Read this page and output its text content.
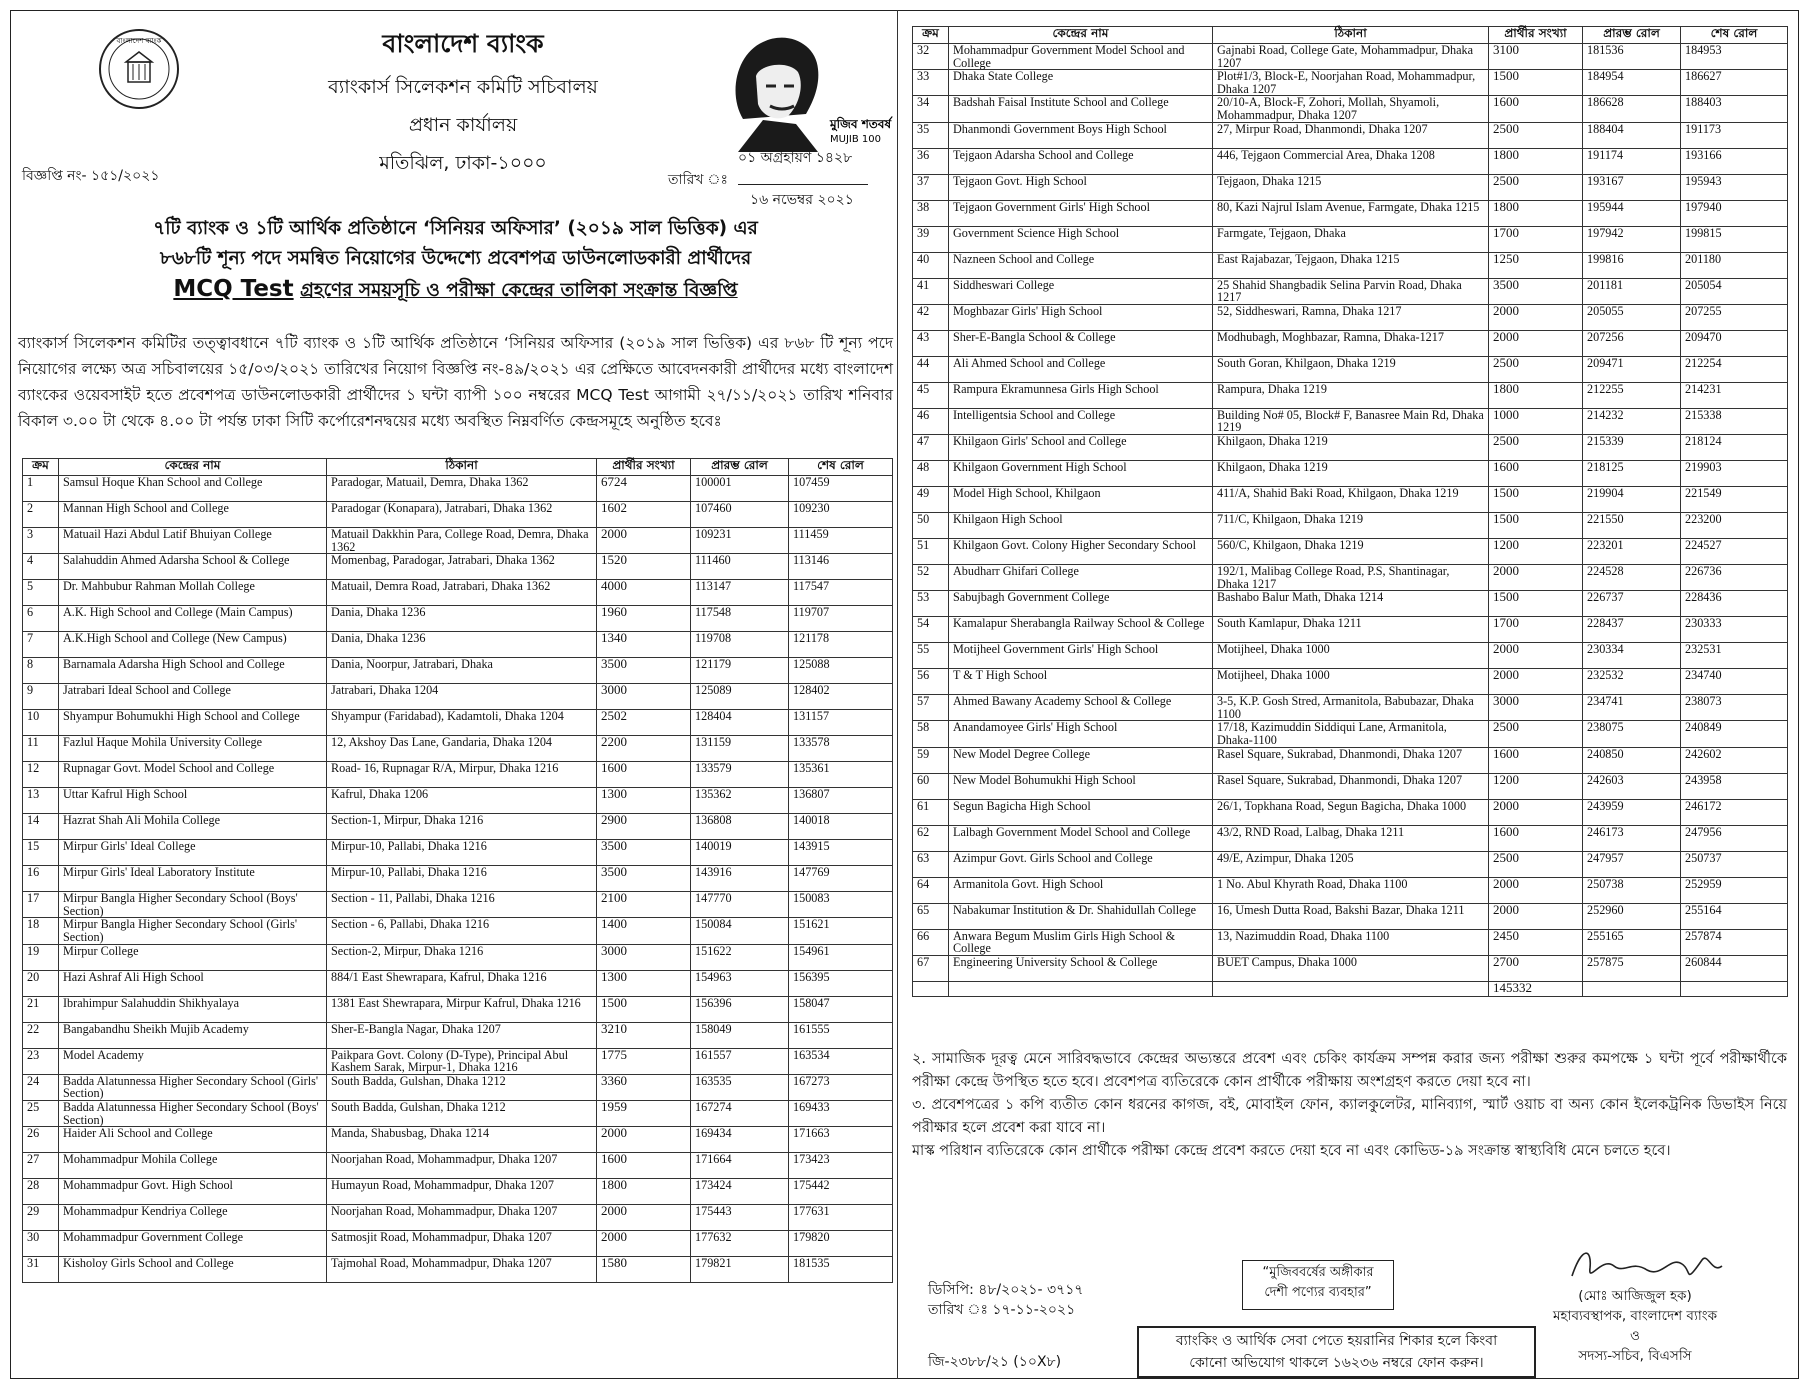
বাংলাদেশ ব্যাংক	বাংলাদেশ ব্যাংক
ব্যাংকার্স সিলেকশন কমিটি সচিবালয়
প্রধান কার্যালয়
মতিঝিল, ঢাকা-১০০০
মুজিব শতবর্ষ
MUJIB 100
বিজ্ঞপ্তি নং- ১৫১/২০২১
০১ অগ্রহায়ণ ১৪২৮
তারিখ ঃ
১৬ নভেম্বর ২০২১
৭টি ব্যাংক ও ১টি আর্থিক প্রতিষ্ঠানে ‘সিনিয়র অফিসার’ (২০১৯ সাল ভিত্তিক) এর
৮৬৮টি শূন্য পদে সমন্বিত নিয়োগের উদ্দেশ্যে প্রবেশপত্র ডাউনলোডকারী প্রার্থীদের
MCQ Test গ্রহণের সময়সূচি ও পরীক্ষা কেন্দ্রের তালিকা সংক্রান্ত বিজ্ঞপ্তি
ব্যাংকার্স সিলেকশন কমিটির তত্ত্বাবধানে ৭টি ব্যাংক ও ১টি আর্থিক প্রতিষ্ঠানে ‘সিনিয়র অফিসার (২০১৯ সাল ভিত্তিক) এর ৮৬৮ টি শূন্য পদে নিয়োগের লক্ষ্যে অত্র সচিবালয়ের ১৫/০৩/২০২১ তারিখের নিয়োগ বিজ্ঞপ্তি নং-৪৯/২০২১ এর প্রেক্ষিতে আবেদনকারী প্রার্থীদের মধ্যে বাংলাদেশ ব্যাংকের ওয়েবসাইট হতে প্রবেশপত্র ডাউনলোডকারী প্রার্থীদের ১ ঘন্টা ব্যাপী ১০০ নম্বরের MCQ Test আগামী ২৭/১১/২০২১ তারিখ শনিবার বিকাল ৩.০০ টা থেকে ৪.০০ টা পর্যন্ত ঢাকা সিটি কর্পোরেশনদ্বয়ের মধ্যে অবস্থিত নিম্নবর্ণিত কেন্দ্রসমূহে অনুষ্ঠিত হবেঃ
ক্রম	কেন্দ্রের নাম	ঠিকানা	প্রার্থীর সংখ্যা	প্রারম্ভ রোল	শেষ রোল
1	Samsul Hoque Khan School and College	Paradogar, Matuail, Demra, Dhaka 1362	6724	100001	107459
2	Mannan High School and College	Paradogar (Konapara), Jatrabari, Dhaka 1362	1602	107460	109230
3	Matuail Hazi Abdul Latif Bhuiyan College	Matuail Dakkhin Para, College Road, Demra, Dhaka 1362	2000	109231	111459
4	Salahuddin Ahmed Adarsha School & College	Momenbag, Paradogar, Jatrabari, Dhaka 1362	1520	111460	113146
5	Dr. Mahbubur Rahman Mollah College	Matuail, Demra Road, Jatrabari, Dhaka 1362	4000	113147	117547
6	A.K. High School and College (Main Campus)	Dania, Dhaka 1236	1960	117548	119707
7	A.K.High School and College (New Campus)	Dania, Dhaka 1236	1340	119708	121178
8	Barnamala Adarsha High School and College	Dania, Noorpur, Jatrabari, Dhaka	3500	121179	125088
9	Jatrabari Ideal School and College	Jatrabari, Dhaka 1204	3000	125089	128402
10	Shyampur Bohumukhi High School and College	Shyampur (Faridabad), Kadamtoli, Dhaka 1204	2502	128404	131157
11	Fazlul Haque Mohila University College	12, Akshoy Das Lane, Gandaria, Dhaka 1204	2200	131159	133578
12	Rupnagar Govt. Model School and College	Road- 16, Rupnagar R/A, Mirpur, Dhaka 1216	1600	133579	135361
13	Uttar Kafrul High School	Kafrul, Dhaka 1206	1300	135362	136807
14	Hazrat Shah Ali Mohila College	Section-1, Mirpur, Dhaka 1216	2900	136808	140018
15	Mirpur Girls' Ideal College	Mirpur-10, Pallabi, Dhaka 1216	3500	140019	143915
16	Mirpur Girls' Ideal Laboratory Institute	Mirpur-10, Pallabi, Dhaka 1216	3500	143916	147769
17	Mirpur Bangla Higher Secondary School (Boys' Section)	Section - 11, Pallabi, Dhaka 1216	2100	147770	150083
18	Mirpur Bangla Higher Secondary School (Girls' Section)	Section - 6, Pallabi, Dhaka 1216	1400	150084	151621
19	Mirpur College	Section-2, Mirpur, Dhaka 1216	3000	151622	154961
20	Hazi Ashraf Ali High School	884/1 East Shewrapara, Kafrul, Dhaka 1216	1300	154963	156395
21	Ibrahimpur Salahuddin Shikhyalaya	1381 East Shewrapara, Mirpur Kafrul, Dhaka 1216	1500	156396	158047
22	Bangabandhu Sheikh Mujib Academy	Sher-E-Bangla Nagar, Dhaka 1207	3210	158049	161555
23	Model Academy	Paikpara Govt. Colony (D-Type), Principal Abul Kashem Sarak, Mirpur-1, Dhaka 1216	1775	161557	163534
24	Badda Alatunnessa Higher Secondary School (Girls' Section)	South Badda, Gulshan, Dhaka 1212	3360	163535	167273
25	Badda Alatunnessa Higher Secondary School (Boys' Section)	South Badda, Gulshan, Dhaka 1212	1959	167274	169433
26	Haider Ali School and College	Manda, Shabusbag, Dhaka 1214	2000	169434	171663
27	Mohammadpur Mohila College	Noorjahan Road, Mohammadpur, Dhaka 1207	1600	171664	173423
28	Mohammadpur Govt. High School	Humayun Road, Mohammadpur, Dhaka 1207	1800	173424	175442
29	Mohammadpur Kendriya College	Noorjahan Road, Mohammadpur, Dhaka 1207	2000	175443	177631
30	Mohammadpur Government College	Satmosjit Road, Mohammadpur, Dhaka 1207	2000	177632	179820
31	Kisholoy Girls School and College	Tajmohal Road, Mohammadpur, Dhaka 1207	1580	179821	181535
ক্রম	কেন্দ্রের নাম	ঠিকানা	প্রার্থীর সংখ্যা	প্রারম্ভ রোল	শেষ রোল
32	Mohammadpur Government Model School and College	Gajnabi Road, College Gate, Mohammadpur, Dhaka 1207	3100	181536	184953
33	Dhaka State College	Plot#1/3, Block-E, Noorjahan Road, Mohammadpur, Dhaka 1207	1500	184954	186627
34	Badshah Faisal Institute School and College	20/10-A, Block-F, Zohori, Mollah, Shyamoli, Mohammadpur, Dhaka 1207	1600	186628	188403
35	Dhanmondi Government Boys High School	27, Mirpur Road, Dhanmondi, Dhaka 1207	2500	188404	191173
36	Tejgaon Adarsha School and College	446, Tejgaon Commercial Area, Dhaka 1208	1800	191174	193166
37	Tejgaon Govt. High School	Tejgaon, Dhaka 1215	2500	193167	195943
38	Tejgaon Government Girls' High School	80, Kazi Najrul Islam Avenue, Farmgate, Dhaka 1215	1800	195944	197940
39	Government Science High School	Farmgate, Tejgaon, Dhaka	1700	197942	199815
40	Nazneen School and College	East Rajabazar, Tejgaon, Dhaka 1215	1250	199816	201180
41	Siddheswari College	25 Shahid Shangbadik Selina Parvin Road, Dhaka 1217	3500	201181	205054
42	Moghbazar Girls' High School	52, Siddheswari, Ramna, Dhaka 1217	2000	205055	207255
43	Sher-E-Bangla School & College	Modhubagh, Moghbazar, Ramna, Dhaka-1217	2000	207256	209470
44	Ali Ahmed School and College	South Goran, Khilgaon, Dhaka 1219	2500	209471	212254
45	Rampura Ekramunnesa Girls High School	Rampura, Dhaka 1219	1800	212255	214231
46	Intelligentsia School and College	Building No# 05, Block# F, Banasree Main Rd, Dhaka 1219	1000	214232	215338
47	Khilgaon Girls' School and College	Khilgaon, Dhaka 1219	2500	215339	218124
48	Khilgaon Government High School	Khilgaon, Dhaka 1219	1600	218125	219903
49	Model High School, Khilgaon	411/A, Shahid Baki Road, Khilgaon, Dhaka 1219	1500	219904	221549
50	Khilgaon High School	711/C, Khilgaon, Dhaka 1219	1500	221550	223200
51	Khilgaon Govt. Colony Higher Secondary School	560/C, Khilgaon, Dhaka 1219	1200	223201	224527
52	Abudharr Ghifari College	192/1, Malibag College Road, P.S, Shantinagar, Dhaka 1217	2000	224528	226736
53	Sabujbagh Government College	Bashabo Balur Math, Dhaka 1214	1500	226737	228436
54	Kamalapur Sherabangla Railway School & College	South Kamlapur, Dhaka 1211	1700	228437	230333
55	Motijheel Government Girls' High School	Motijheel, Dhaka 1000	2000	230334	232531
56	T & T High School	Motijheel, Dhaka 1000	2000	232532	234740
57	Ahmed Bawany Academy School & College	3-5, K.P. Gosh Stred, Armanitola, Babubazar, Dhaka 1100	3000	234741	238073
58	Anandamoyee Girls' High School	17/18, Kazimuddin Siddiqui Lane, Armanitola, Dhaka-1100	2500	238075	240849
59	New Model Degree College	Rasel Square, Sukrabad, Dhanmondi, Dhaka 1207	1600	240850	242602
60	New Model Bohumukhi High School	Rasel Square, Sukrabad, Dhanmondi, Dhaka 1207	1200	242603	243958
61	Segun Bagicha High School	26/1, Topkhana Road, Segun Bagicha, Dhaka 1000	2000	243959	246172
62	Lalbagh Government Model School and College	43/2, RND Road, Lalbag, Dhaka 1211	1600	246173	247956
63	Azimpur Govt. Girls School and College	49/E, Azimpur, Dhaka 1205	2500	247957	250737
64	Armanitola Govt. High School	1 No. Abul Khyrath Road, Dhaka 1100	2000	250738	252959
65	Nabakumar Institution & Dr. Shahidullah College	16, Umesh Dutta Road, Bakshi Bazar, Dhaka 1211	2000	252960	255164
66	Anwara Begum Muslim Girls High School & College	13, Nazimuddin Road, Dhaka 1100	2450	255165	257874
67	Engineering University School & College	BUET Campus, Dhaka 1000	2700	257875	260844
			145332		

২. সামাজিক দূরত্ব মেনে সারিবদ্ধভাবে কেন্দ্রের অভ্যন্তরে প্রবেশ এবং চেকিং কার্যক্রম সম্পন্ন করার জন্য পরীক্ষা শুরুর কমপক্ষে ১ ঘন্টা পূর্বে পরীক্ষার্থীকে পরীক্ষা কেন্দ্রে উপস্থিত হতে হবে। প্রবেশপত্র ব্যতিরেকে কোন প্রার্থীকে পরীক্ষায় অংশগ্রহণ করতে দেয়া হবে না।

৩. প্রবেশপত্রের ১ কপি ব্যতীত কোন ধরনের কাগজ, বই, মোবাইল ফোন, ক্যালকুলেটর, মানিব্যাগ, স্মার্ট ওয়াচ বা অন্য কোন ইলেকট্রনিক ডিভাইস নিয়ে পরীক্ষার হলে প্রবেশ করা যাবে না।

মাস্ক পরিধান ব্যতিরেকে কোন প্রার্থীকে পরীক্ষা কেন্দ্রে প্রবেশ করতে দেয়া হবে না এবং কোভিড-১৯ সংক্রান্ত স্বাস্থ্যবিধি মেনে চলতে হবে।

“মুজিববর্ষের অঙ্গীকার
দেশী পণ্যের ব্যবহার”
ডিসিপি: ৪৮/২০২১- ৩৭১৭
তারিখ ঃ ১৭-১১-২০২১
জি-২৩৮৮/২১ (১০X৮)
ব্যাংকিং ও আর্থিক সেবা পেতে হয়রানির শিকার হলে কিংবা
কোনো অভিযোগ থাকলে ১৬২৩৬ নম্বরে ফোন করুন।
(মোঃ আজিজুল হক)
মহাব্যবস্থাপক, বাংলাদেশ ব্যাংক
ও
সদস্য-সচিব, বিএসসি
